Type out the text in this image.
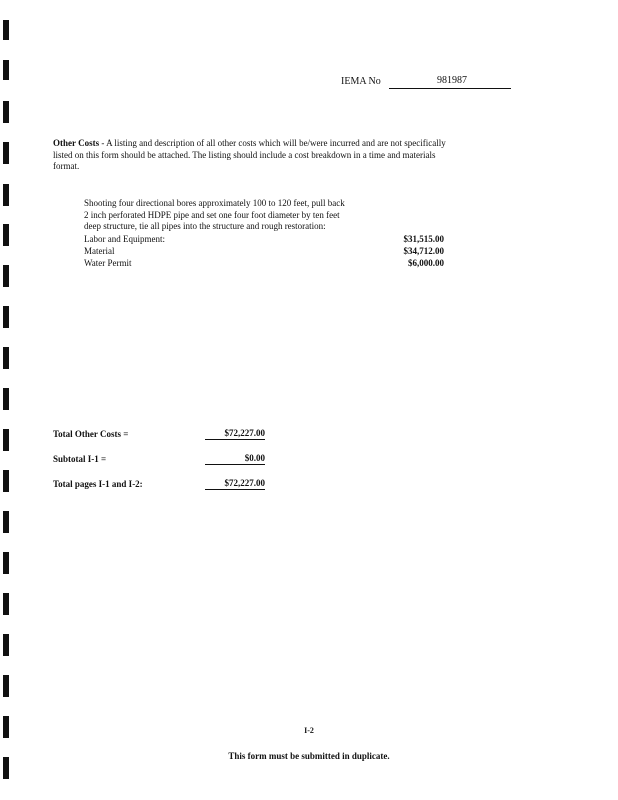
IEMA No	981987
Other Costs - A listing and description of all other costs which will be/were incurred and are not specifically
listed on this form should be attached. The listing should include a cost breakdown in a time and materials
format.
Shooting four directional bores approximately 100 to 120 feet, pull back
2 inch perforated HDPE pipe and set one four foot diameter by ten feet
deep structure, tie all pipes into the structure and rough restoration:
Labor and Equipment:	$31,515.00
Material	$34,712.00
Water Permit	$6,000.00
Total Other Costs =	$72,227.00
Subtotal I-1 =	$0.00
Total pages I-1 and I-2:	$72,227.00
I-2
This form must be submitted in duplicate.
